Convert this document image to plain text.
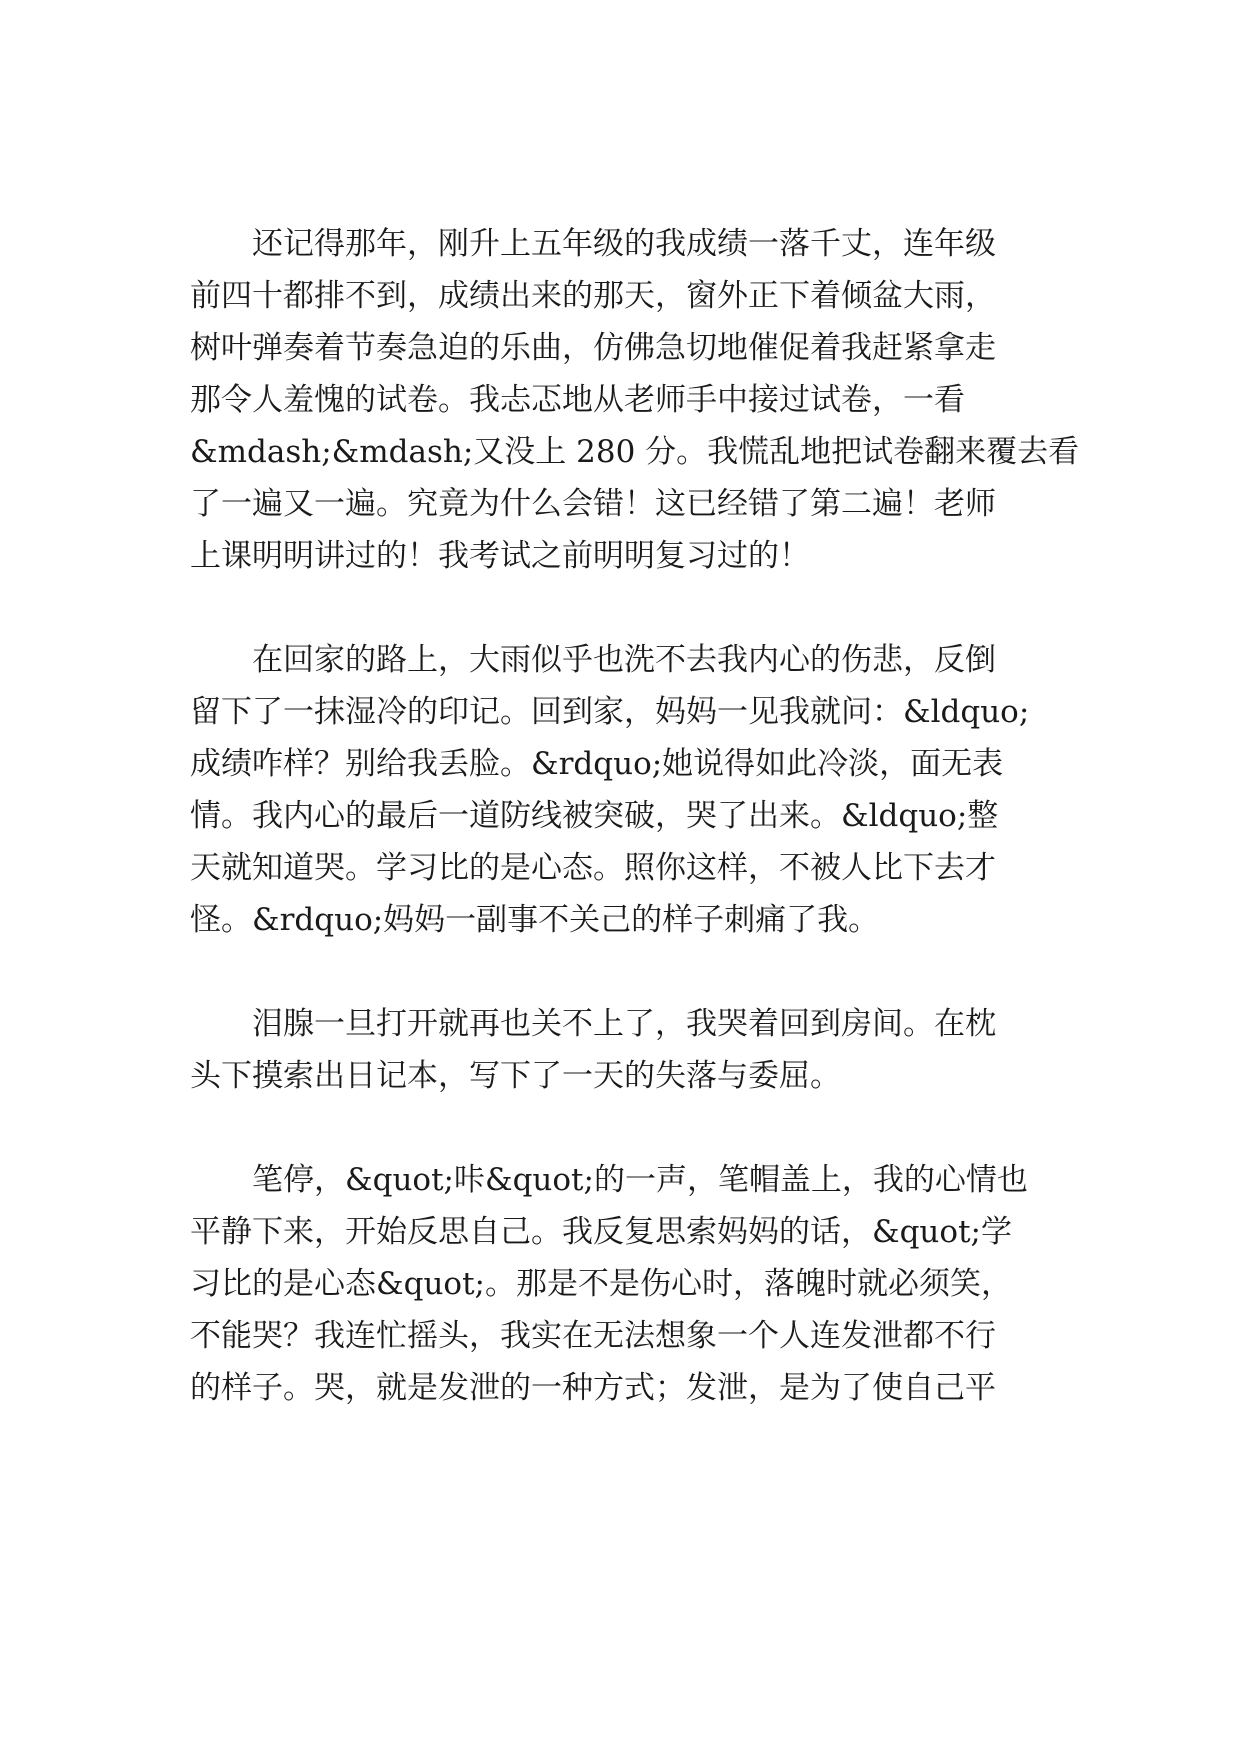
还记得那年，刚升上五年级的我成绩一落千丈，连年级
前四十都排不到，成绩出来的那天，窗外正下着倾盆大雨，
树叶弹奏着节奏急迫的乐曲，仿佛急切地催促着我赶紧拿走
那令人羞愧的试卷。我忐忑地从老师手中接过试卷，一看
&mdash;&mdash;又没上 280 分。我慌乱地把试卷翻来覆去看
了一遍又一遍。究竟为什么会错！这已经错了第二遍！老师
上课明明讲过的！我考试之前明明复习过的！
在回家的路上，大雨似乎也洗不去我内心的伤悲，反倒
留下了一抹湿冷的印记。回到家，妈妈一见我就问：&ldquo;
成绩咋样？别给我丢脸。&rdquo;她说得如此冷淡，面无表
情。我内心的最后一道防线被突破，哭了出来。&ldquo;整
天就知道哭。学习比的是心态。照你这样，不被人比下去才
怪。&rdquo;妈妈一副事不关己的样子刺痛了我。
泪腺一旦打开就再也关不上了，我哭着回到房间。在枕
头下摸索出日记本，写下了一天的失落与委屈。
笔停，&quot;咔&quot;的一声，笔帽盖上，我的心情也
平静下来，开始反思自己。我反复思索妈妈的话，&quot;学
习比的是心态&quot;。那是不是伤心时，落魄时就必须笑，
不能哭？我连忙摇头，我实在无法想象一个人连发泄都不行
的样子。哭，就是发泄的一种方式；发泄，是为了使自己平
